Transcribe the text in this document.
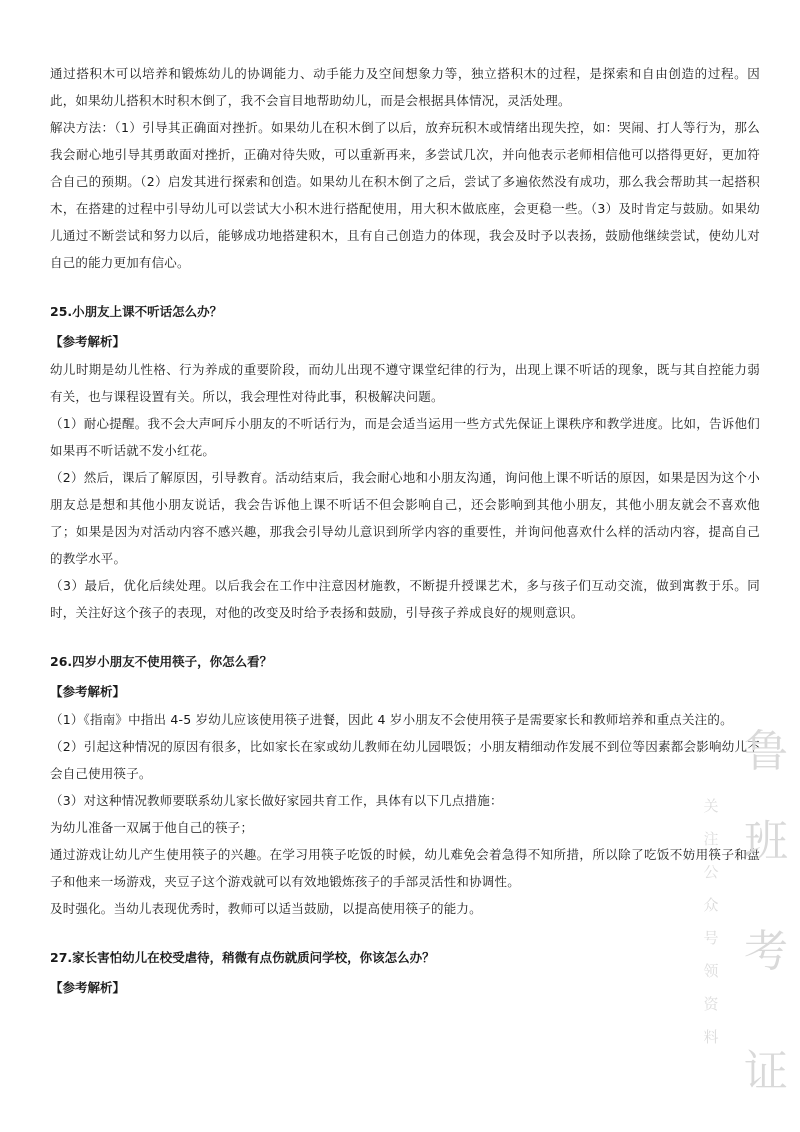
通过搭积木可以培养和锻炼幼儿的协调能力、动手能力及空间想象力等，独立搭积木的过程，是探索和自由创造的过程。因此，如果幼儿搭积木时积木倒了，我不会盲目地帮助幼儿，而是会根据具体情况，灵活处理。

解决方法：（1）引导其正确面对挫折。如果幼儿在积木倒了以后，放弃玩积木或情绪出现失控，如：哭闹、打人等行为，那么我会耐心地引导其勇敢面对挫折，正确对待失败，可以重新再来，多尝试几次，并向他表示老师相信他可以搭得更好，更加符合自己的预期。（2）启发其进行探索和创造。如果幼儿在积木倒了之后，尝试了多遍依然没有成功，那么我会帮助其一起搭积木，在搭建的过程中引导幼儿可以尝试大小积木进行搭配使用，用大积木做底座，会更稳一些。（3）及时肯定与鼓励。如果幼儿通过不断尝试和努力以后，能够成功地搭建积木，且有自己创造力的体现，我会及时予以表扬，鼓励他继续尝试，使幼儿对自己的能力更加有信心。

25.小朋友上课不听话怎么办？

【参考解析】

幼儿时期是幼儿性格、行为养成的重要阶段，而幼儿出现不遵守课堂纪律的行为，出现上课不听话的现象，既与其自控能力弱有关，也与课程设置有关。所以，我会理性对待此事，积极解决问题。

（1）耐心提醒。我不会大声呵斥小朋友的不听话行为，而是会适当运用一些方式先保证上课秩序和教学进度。比如，告诉他们如果再不听话就不发小红花。

（2）然后，课后了解原因，引导教育。活动结束后，我会耐心地和小朋友沟通，询问他上课不听话的原因，如果是因为这个小朋友总是想和其他小朋友说话，我会告诉他上课不听话不但会影响自己，还会影响到其他小朋友，其他小朋友就会不喜欢他了；如果是因为对活动内容不感兴趣，那我会引导幼儿意识到所学内容的重要性，并询问他喜欢什么样的活动内容，提高自己的教学水平。

（3）最后，优化后续处理。以后我会在工作中注意因材施教，不断提升授课艺术，多与孩子们互动交流，做到寓教于乐。同时，关注好这个孩子的表现，对他的改变及时给予表扬和鼓励，引导孩子养成良好的规则意识。

26.四岁小朋友不使用筷子，你怎么看？

【参考解析】

（1）《指南》中指出 4-5 岁幼儿应该使用筷子进餐，因此 4 岁小朋友不会使用筷子是需要家长和教师培养和重点关注的。

（2）引起这种情况的原因有很多，比如家长在家或幼儿教师在幼儿园喂饭；小朋友精细动作发展不到位等因素都会影响幼儿不会自己使用筷子。

（3）对这种情况教师要联系幼儿家长做好家园共育工作，具体有以下几点措施：

为幼儿准备一双属于他自己的筷子；

通过游戏让幼儿产生使用筷子的兴趣。在学习用筷子吃饭的时候，幼儿难免会着急得不知所措，所以除了吃饭不妨用筷子和盘子和他来一场游戏，夹豆子这个游戏就可以有效地锻炼孩子的手部灵活性和协调性。

及时强化。当幼儿表现优秀时，教师可以适当鼓励，以提高使用筷子的能力。

27.家长害怕幼儿在校受虐待，稍微有点伤就质问学校，你该怎么办？

【参考解析】

鲁
班
考
证
关
注
公
众
号
领
资
料
